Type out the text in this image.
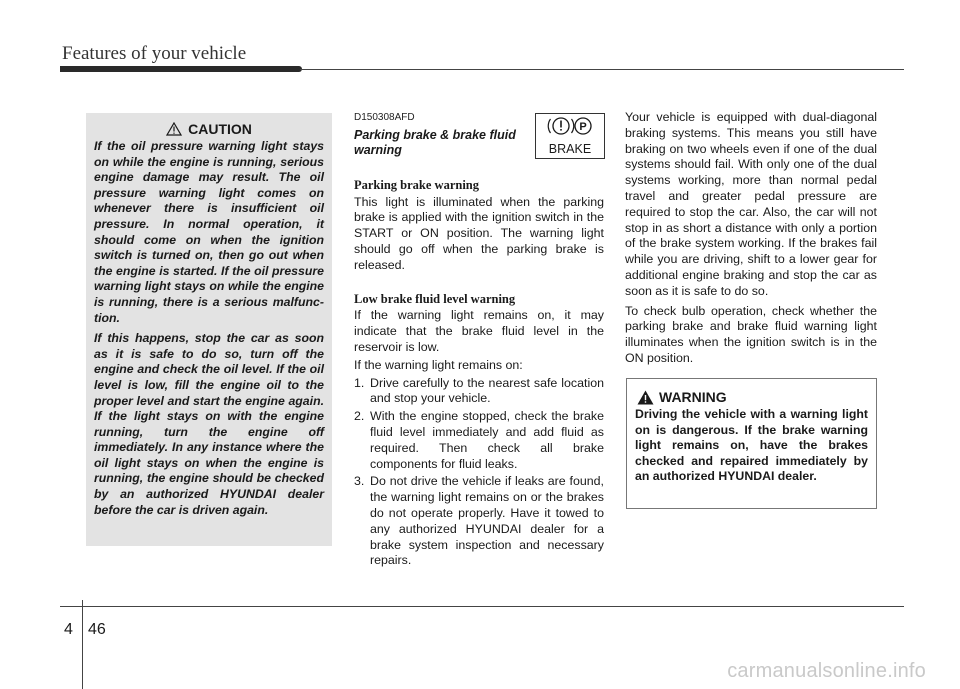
Features of your vehicle
CAUTION

If the oil pressure warning light stays on while the engine is running, serious engine damage may result. The oil pressure warning light comes on whenever there is insufficient oil pressure. In normal operation, it should come on when the ignition switch is turned on, then go out when the engine is started. If the oil pressure warning light stays on while the engine is running, there is a serious malfunction.

If this happens, stop the car as soon as it is safe to do so, turn off the engine and check the oil level. If the oil level is low, fill the engine oil to the proper level and start the engine again. If the light stays on with the engine running, turn the engine off immediately. In any instance where the oil light stays on when the engine is running, the engine should be checked by an authorized HYUNDAI dealer before the car is driven again.

D150308AFD

Parking brake & brake fluid warning

Parking brake warning

This light is illuminated when the parking brake is applied with the ignition switch in the START or ON position. The warning light should go off when the parking brake is released.

Low brake fluid level warning

If the warning light remains on, it may indicate that the brake fluid level in the reservoir is low.

If the warning light remains on:

1. Drive carefully to the nearest safe location and stop your vehicle.
2. With the engine stopped, check the brake fluid level immediately and add fluid as required. Then check all brake components for fluid leaks.
3. Do not drive the vehicle if leaks are found, the warning light remains on or the brakes do not operate properly. Have it towed to any authorized HYUNDAI dealer for a brake system inspection and necessary repairs.
P
BRAKE

Your vehicle is equipped with dual-diagonal braking systems. This means you still have braking on two wheels even if one of the dual systems should fail. With only one of the dual systems working, more than normal pedal travel and greater pedal pressure are required to stop the car. Also, the car will not stop in as short a distance with only a portion of the brake system working. If the brakes fail while you are driving, shift to a lower gear for additional engine braking and stop the car as soon as it is safe to do so.

To check bulb operation, check whether the parking brake and brake fluid warning light illuminates when the ignition switch is in the ON position.

WARNING

Driving the vehicle with a warning light on is dangerous. If the brake warning light remains on, have the brakes checked and repaired immediately by an authorized HYUNDAI dealer.

4 46
carmanualsonline.info
